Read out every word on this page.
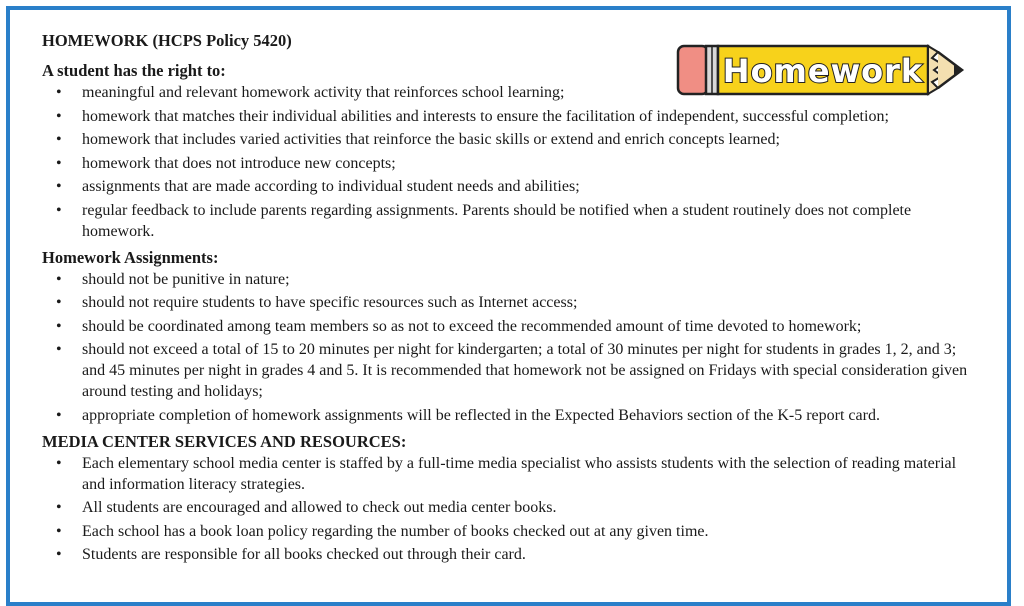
Homework
HOMEWORK (HCPS Policy 5420)
A student has the right to:
• meaningful and relevant homework activity that reinforces school learning;
• homework that matches their individual abilities and interests to ensure the facilitation of independent, successful completion;
• homework that includes varied activities that reinforce the basic skills or extend and enrich concepts learned;
• homework that does not introduce new concepts;
• assignments that are made according to individual student needs and abilities;
• regular feedback to include parents regarding assignments. Parents should be notified when a student routinely does not complete homework.
Homework Assignments:
• should not be punitive in nature;
• should not require students to have specific resources such as Internet access;
• should be coordinated among team members so as not to exceed the recommended amount of time devoted to homework;
• should not exceed a total of 15 to 20 minutes per night for kindergarten; a total of 30 minutes per night for students in grades 1, 2, and 3; and 45 minutes per night in grades 4 and 5. It is recommended that homework not be assigned on Fridays with special consideration given around testing and holidays;
• appropriate completion of homework assignments will be reflected in the Expected Behaviors section of the K-5 report card.
MEDIA CENTER SERVICES AND RESOURCES:
• Each elementary school media center is staffed by a full-time media specialist who assists students with the selection of reading material and information literacy strategies.
• All students are encouraged and allowed to check out media center books.
• Each school has a book loan policy regarding the number of books checked out at any given time.
• Students are responsible for all books checked out through their card.
